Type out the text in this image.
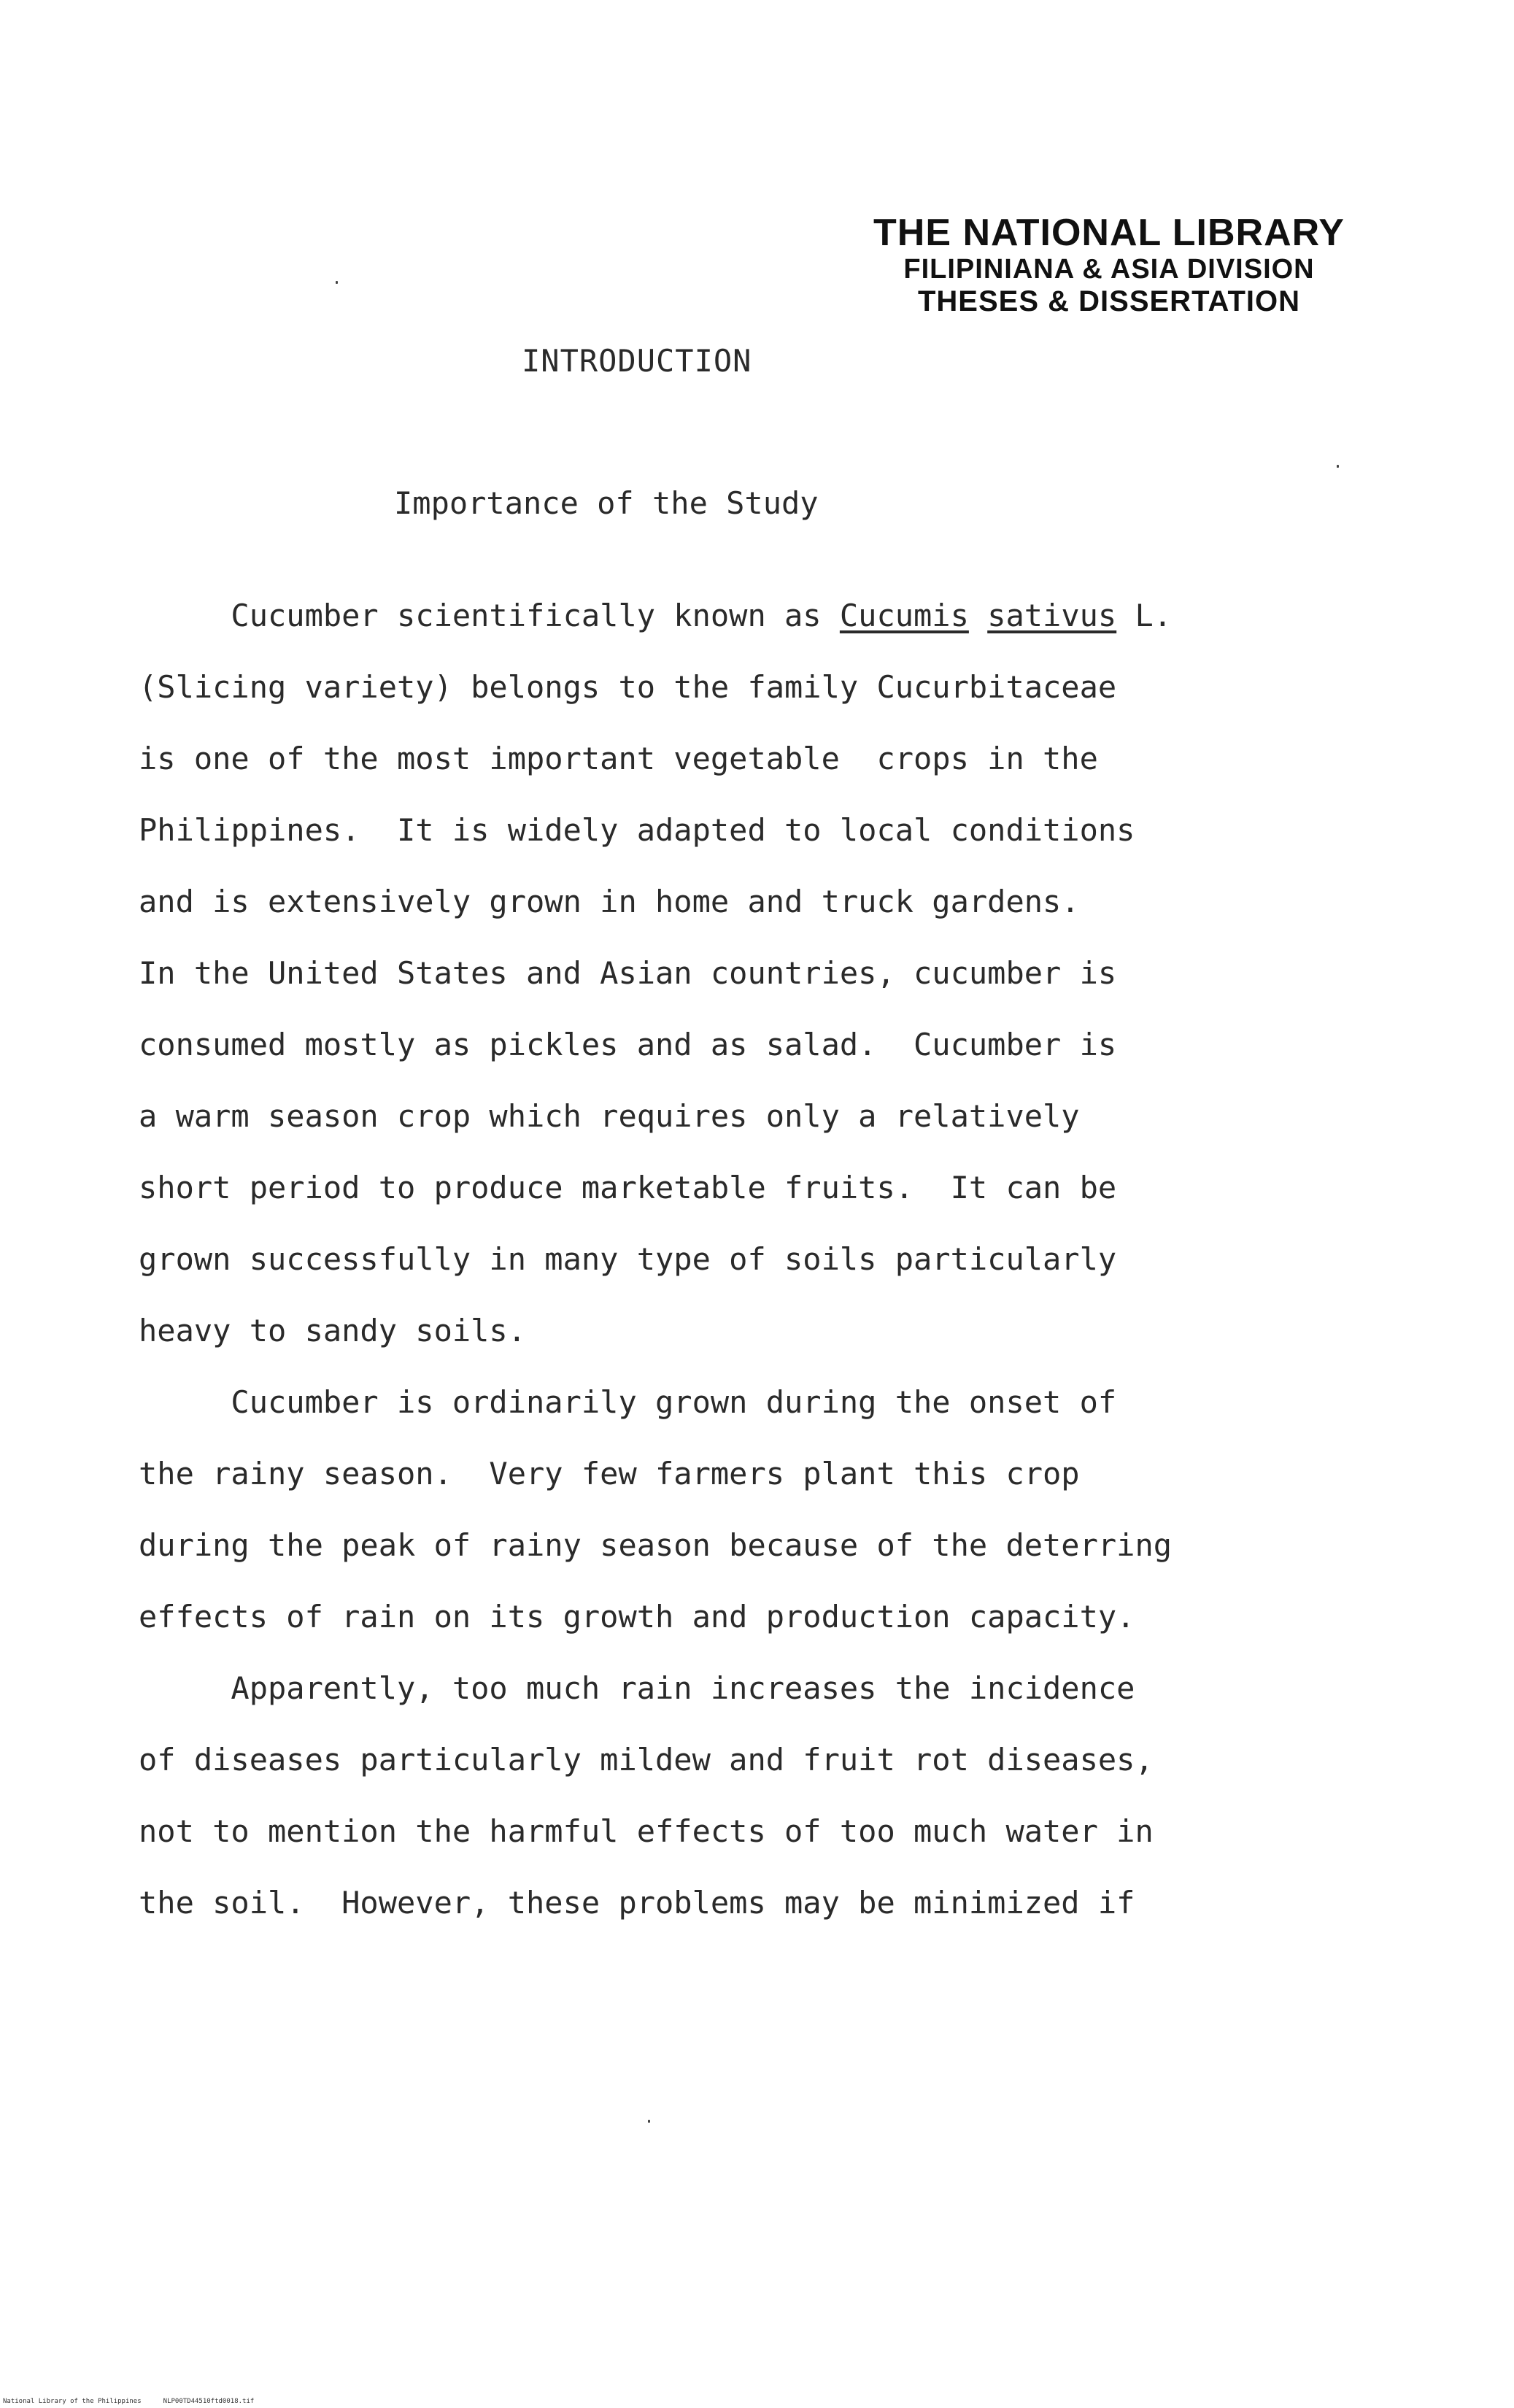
THE NATIONAL LIBRARY
FILIPINIANA & ASIA DIVISION
THESES & DISSERTATION
INTRODUCTION
Importance of the Study
Cucumber scientifically known as Cucumis sativus L.
(Slicing variety) belongs to the family Cucurbitaceae
is one of the most important vegetable  crops in the
Philippines.  It is widely adapted to local conditions
and is extensively grown in home and truck gardens.
In the United States and Asian countries, cucumber is
consumed mostly as pickles and as salad.  Cucumber is
a warm season crop which requires only a relatively
short period to produce marketable fruits.  It can be
grown successfully in many type of soils particularly
heavy to sandy soils.
Cucumber is ordinarily grown during the onset of
the rainy season.  Very few farmers plant this crop
during the peak of rainy season because of the deterring
effects of rain on its growth and production capacity.
Apparently, too much rain increases the incidence
of diseases particularly mildew and fruit rot diseases,
not to mention the harmful effects of too much water in
the soil.  However, these problems may be minimized if
National Library of the Philippines	NLP00TD44510ftd0018.tif
